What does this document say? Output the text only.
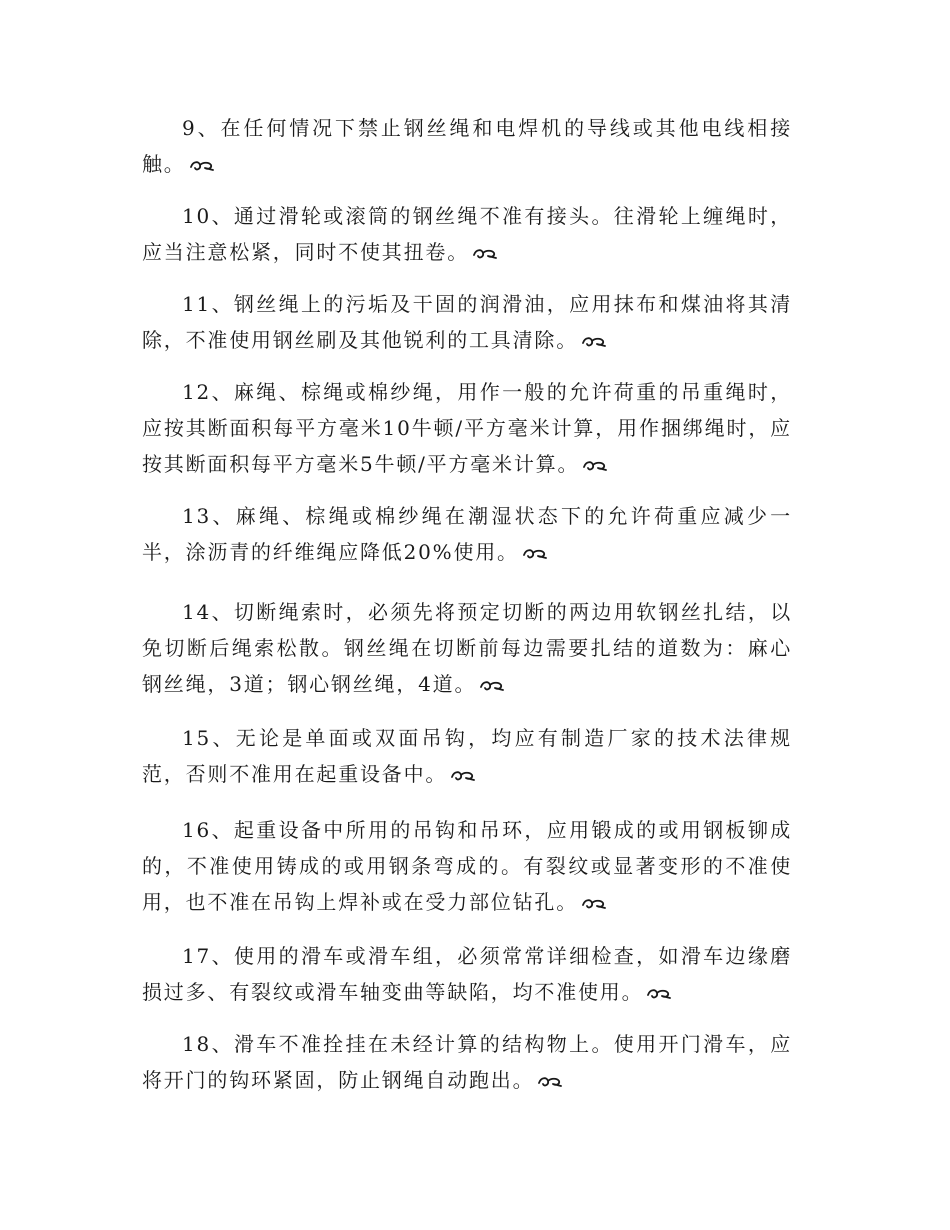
9、在任何情况下禁止钢丝绳和电焊机的导线或其他电线相接触。

10、通过滑轮或滚筒的钢丝绳不准有接头。往滑轮上缠绳时，应当注意松紧，同时不使其扭卷。

11、钢丝绳上的污垢及干固的润滑油，应用抹布和煤油将其清除，不准使用钢丝刷及其他锐利的工具清除。

12、麻绳、棕绳或棉纱绳，用作一般的允许荷重的吊重绳时，应按其断面积每平方毫米10牛顿/平方毫米计算，用作捆绑绳时，应按其断面积每平方毫米5牛顿/平方毫米计算。

13、麻绳、棕绳或棉纱绳在潮湿状态下的允许荷重应减少一半，涂沥青的纤维绳应降低20%使用。

14、切断绳索时，必须先将预定切断的两边用软钢丝扎结，以免切断后绳索松散。钢丝绳在切断前每边需要扎结的道数为：麻心钢丝绳，3道；钢心钢丝绳，4道。

15、无论是单面或双面吊钩，均应有制造厂家的技术法律规范，否则不准用在起重设备中。

16、起重设备中所用的吊钩和吊环，应用锻成的或用钢板铆成的，不准使用铸成的或用钢条弯成的。有裂纹或显著变形的不准使用，也不准在吊钩上焊补或在受力部位钻孔。

17、使用的滑车或滑车组，必须常常详细检查，如滑车边缘磨损过多、有裂纹或滑车轴变曲等缺陷，均不准使用。

18、滑车不准拴挂在未经计算的结构物上。使用开门滑车，应将开门的钩环紧固，防止钢绳自动跑出。
